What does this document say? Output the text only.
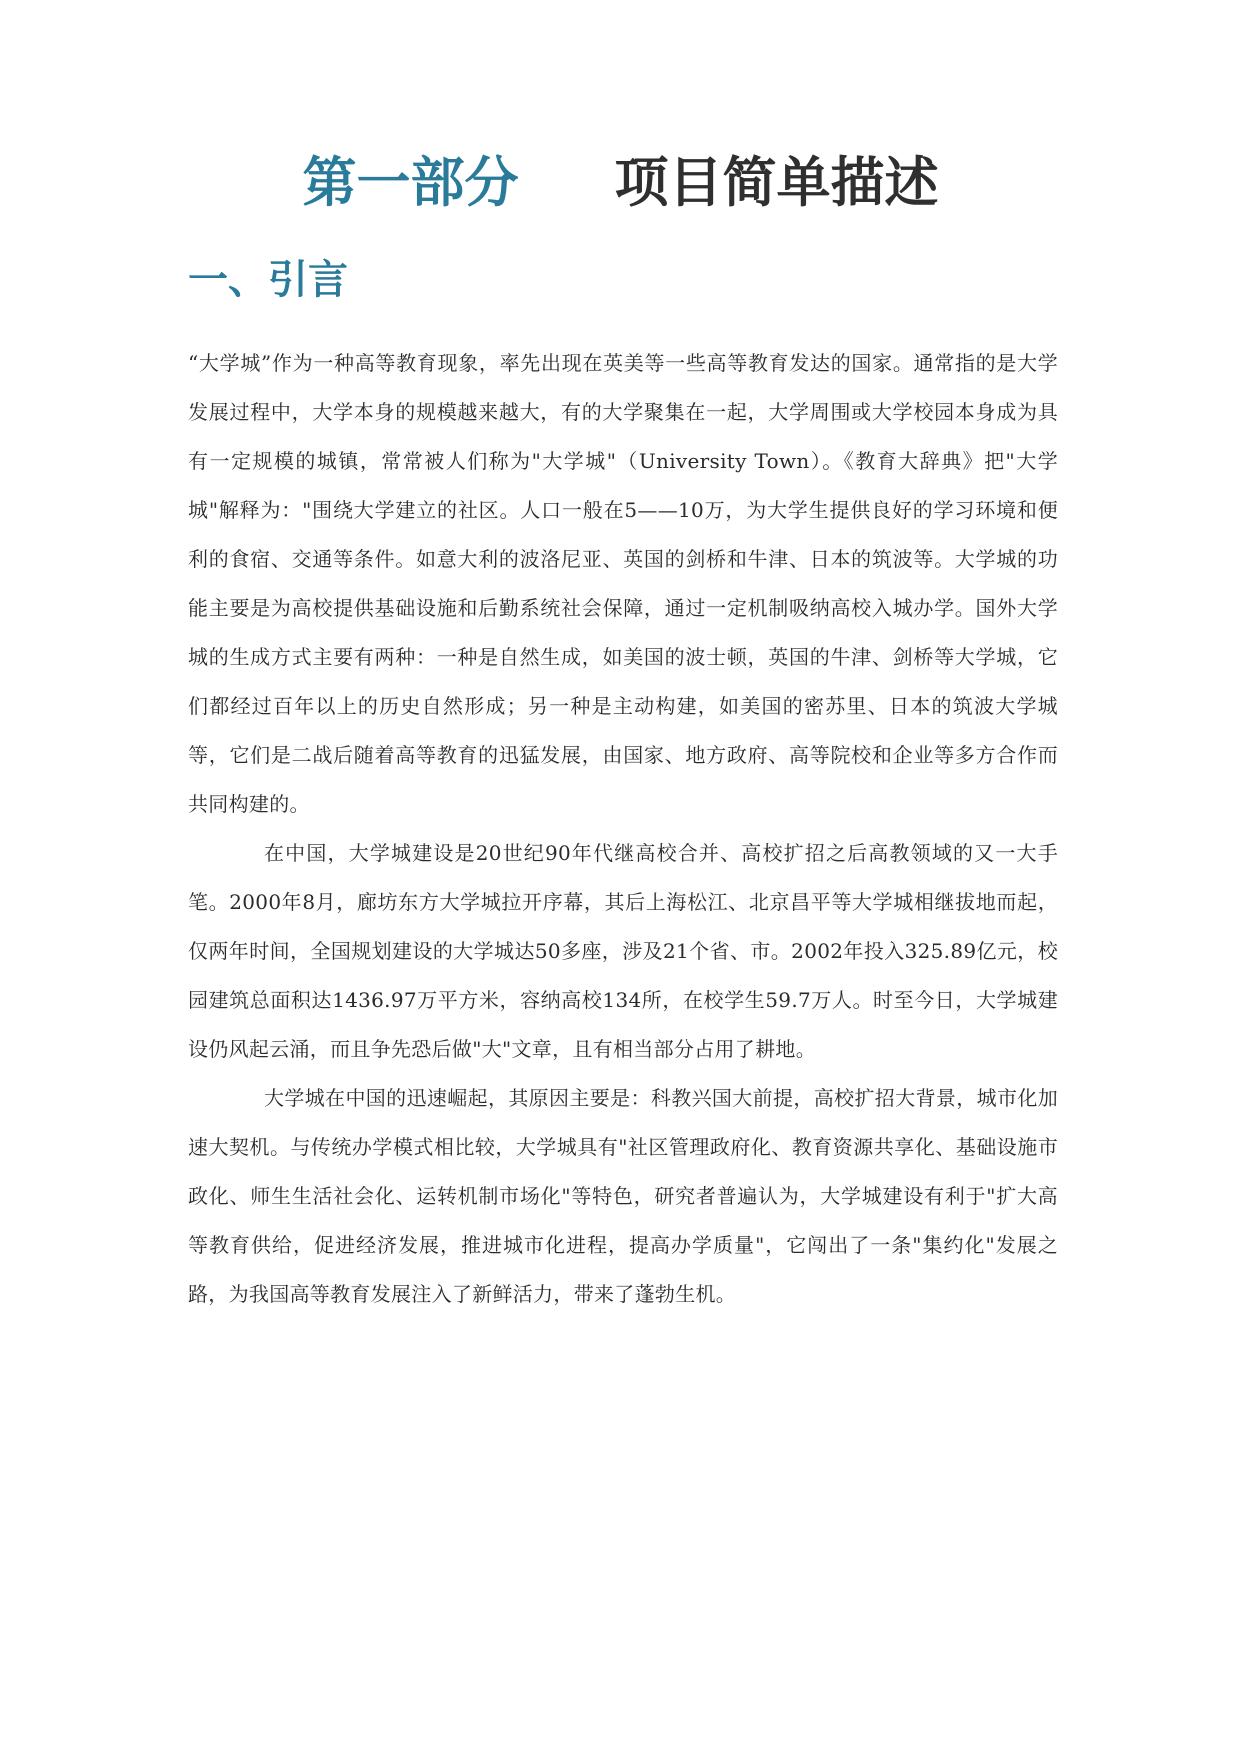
第一部分 项目简单描述
一、引言

“大学城”作为一种高等教育现象，率先出现在英美等一些高等教育发达的国家。通常指的是大学发展过程中，大学本身的规模越来越大，有的大学聚集在一起，大学周围或大学校园本身成为具有一定规模的城镇，常常被人们称为"大学城"（University Town）。《教育大辞典》把"大学城"解释为："围绕大学建立的社区。人口一般在5——10万，为大学生提供良好的学习环境和便利的食宿、交通等条件。如意大利的波洛尼亚、英国的剑桥和牛津、日本的筑波等。大学城的功能主要是为高校提供基础设施和后勤系统社会保障，通过一定机制吸纳高校入城办学。国外大学城的生成方式主要有两种：一种是自然生成，如美国的波士顿，英国的牛津、剑桥等大学城，它们都经过百年以上的历史自然形成；另一种是主动构建，如美国的密苏里、日本的筑波大学城等，它们是二战后随着高等教育的迅猛发展，由国家、地方政府、高等院校和企业等多方合作而共同构建的。

在中国，大学城建设是20世纪90年代继高校合并、高校扩招之后高教领域的又一大手笔。2000年8月，廊坊东方大学城拉开序幕，其后上海松江、北京昌平等大学城相继拔地而起，仅两年时间，全国规划建设的大学城达50多座，涉及21个省、市。2002年投入325.89亿元，校园建筑总面积达1436.97万平方米，容纳高校134所，在校学生59.7万人。时至今日，大学城建设仍风起云涌，而且争先恐后做"大"文章，且有相当部分占用了耕地。

大学城在中国的迅速崛起，其原因主要是：科教兴国大前提，高校扩招大背景，城市化加速大契机。与传统办学模式相比较，大学城具有"社区管理政府化、教育资源共享化、基础设施市政化、师生生活社会化、运转机制市场化"等特色，研究者普遍认为，大学城建设有利于"扩大高等教育供给，促进经济发展，推进城市化进程，提高办学质量"，它闯出了一条"集约化"发展之路，为我国高等教育发展注入了新鲜活力，带来了蓬勃生机。
